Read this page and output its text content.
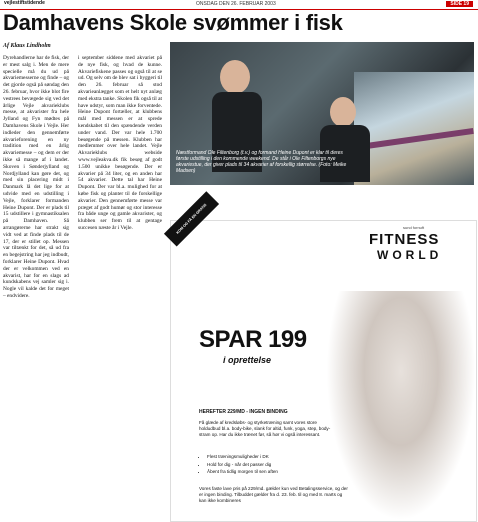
vejlestiftstidende	ONSDAG DEN 26. FEBRUAR 2003	SIDE 19
Damhavens Skole svømmer i fisk
Af Klaus Lindholm

Dyrehandlerne har de fisk, der er mest salg i. Men de mere specielle må du ud på akvariemesserne og finde – og det gjorde også på søndag den 26. februar, hvor ikke blot fire vestrees bevægede sig ved det årlige Vejle akvarieklubs messe, at akvarister fra hele Jylland og Fyn mødtes på Damhavens Skole i Vejle. Her indleder den gennemførte akvarieforening en ny tradition med en årlig akvariemesse – og dem er der ikke så mange af i landet. Skoven i Sønderjylland og Nordjylland kan gøre det, og med sin placering midt i Danmark lå det lige for at udvide med en udstilling i Vejle, forklarer formanden Heine Dupont. Der er plads til 15 udstillere i gymnastiksalen på Damhaven. Så arrangørerne har strakt sig vidt ved at finde plads til de 17, der er stillet op. Messen var tiltænkt for det, så ud fra en begejstring har jeg indbudt, forklarer Heine Dupont. Hvad der er velkommen ved en akvarist, har for en slags ad kundskabens vej samler sig i. Nogle vil kalde det for meget – endvidere.

i september siddene med akvariet på de nye fisk, og hvad de kunne. Akvariefiskene passes og også til at se ud. Og selv om de blev sat i byggeri til den 26. februar så stod akvarieanlægget som et helt nyt anlæg med ekstra tanke. Skolen fik også til at have udstyr, som man ikke forventede. Heine Dupont fortæller, at klubbens mål med messen er at sprede kendskabet til den spændende verden under vand. Der var hele 1.700 besøgende på messen. Klubben har medlemmer over hele landet. Vejle Akvarieklubs webside www.vejleakva.dk fik besøg af godt 1.500 unikke besøgende. Der er akvarier på 34 liter, og en anden har 54 akvarier. Dette tal har Heine Dupont. Der var bl.a. mulighed for at købe fisk og planter til de forskellige akvarier. Den gennemførte messe var præget af godt humør og stor interesse fra både unge og gamle akvarister, og klubben ser frem til at gentage succesen næste år i Vejle.

Næstformand Ole Filtenborg (t.v.) og formand Heine Dupont er klar til deres første udstilling i den kommende weekend. De står i Ole Filtenborgs nye akvariestue, der giver plads til 34 akvarier af forskellig størrelse. (Foto: Meike Madsen)
KOM OG FÅ EN GRATIS PRØVETIME	sund fornuft
FITNESS
WORLD
SPAR 199
i oprettelse
HEREFTER 229/MD - INGEN BINDING
Få glæde af kredsløbs- og styrketræning samt vores store holdudbud bl.a. body-bike, slank for altid, funk, yoga, step, body-stram op. Har du ikke trænet før, så hør vi også interessant.
• Flest træningsmuligheder i DK
• Hold for dig - når det passer dig
• Åbent fra tidlig morgen til sen aften
Vores faste lave pris på 229/md. gælder kun ved Betalingsservice, og der er ingen binding. Tilbuddet gælder fra d. 23. feb. til og med 8. marts og kan ikke kombineres
